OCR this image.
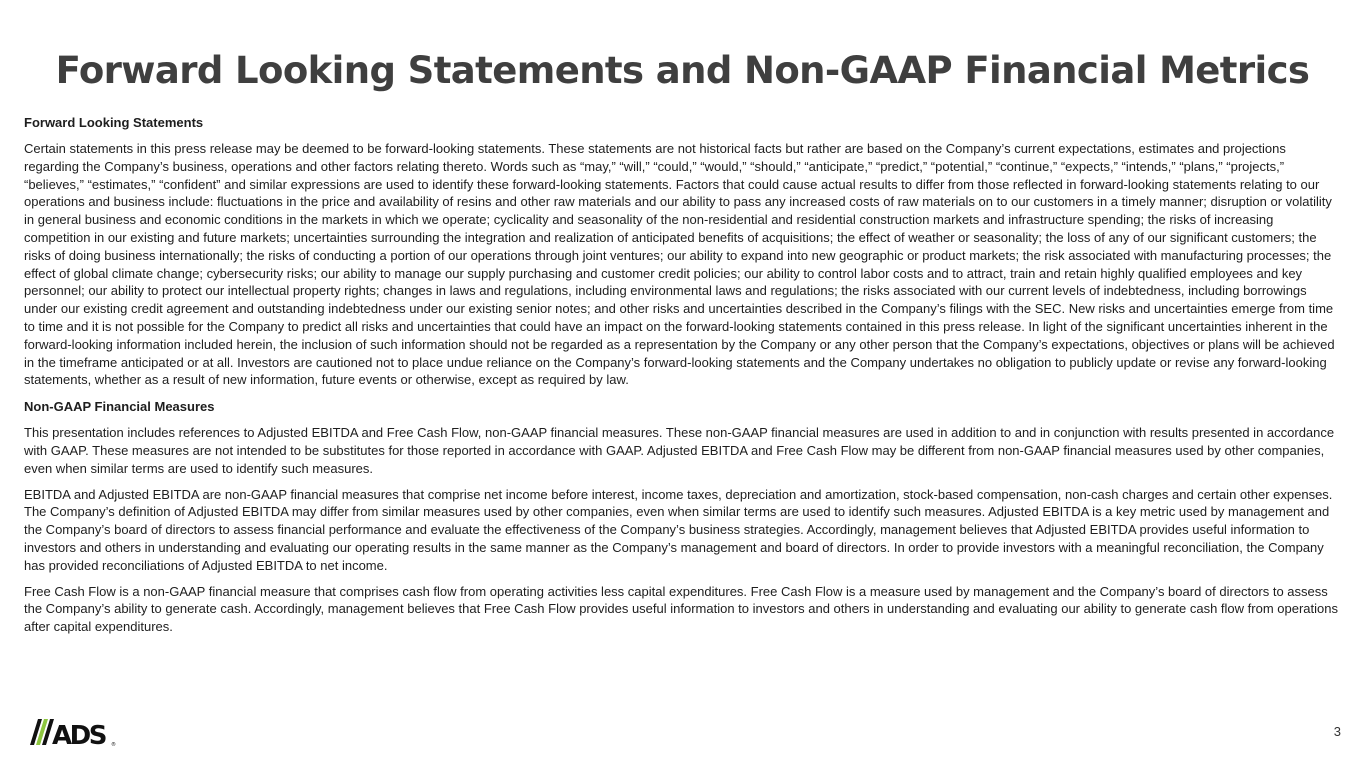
Forward Looking Statements and Non-GAAP Financial Metrics
Forward Looking Statements

Certain statements in this press release may be deemed to be forward-looking statements. These statements are not historical facts but rather are based on the Company’s current expectations, estimates and projections regarding the Company’s business, operations and other factors relating thereto. Words such as “may,” “will,” “could,” “would,” “should,” “anticipate,” “predict,” “potential,” “continue,” “expects,” “intends,” “plans,” “projects,” “believes,” “estimates,” “confident” and similar expressions are used to identify these forward-looking statements. Factors that could cause actual results to differ from those reflected in forward-looking statements relating to our operations and business include: fluctuations in the price and availability of resins and other raw materials and our ability to pass any increased costs of raw materials on to our customers in a timely manner; disruption or volatility in general business and economic conditions in the markets in which we operate; cyclicality and seasonality of the non-residential and residential construction markets and infrastructure spending; the risks of increasing competition in our existing and future markets; uncertainties surrounding the integration and realization of anticipated benefits of acquisitions; the effect of weather or seasonality; the loss of any of our significant customers; the risks of doing business internationally; the risks of conducting a portion of our operations through joint ventures; our ability to expand into new geographic or product markets; the risk associated with manufacturing processes; the effect of global climate change; cybersecurity risks; our ability to manage our supply purchasing and customer credit policies; our ability to control labor costs and to attract, train and retain highly qualified employees and key personnel; our ability to protect our intellectual property rights; changes in laws and regulations, including environmental laws and regulations; the risks associated with our current levels of indebtedness, including borrowings under our existing credit agreement and outstanding indebtedness under our existing senior notes; and other risks and uncertainties described in the Company’s filings with the SEC. New risks and uncertainties emerge from time to time and it is not possible for the Company to predict all risks and uncertainties that could have an impact on the forward-looking statements contained in this press release. In light of the significant uncertainties inherent in the forward-looking information included herein, the inclusion of such information should not be regarded as a representation by the Company or any other person that the Company’s expectations, objectives or plans will be achieved in the timeframe anticipated or at all. Investors are cautioned not to place undue reliance on the Company’s forward-looking statements and the Company undertakes no obligation to publicly update or revise any forward-looking statements, whether as a result of new information, future events or otherwise, except as required by law.

Non-GAAP Financial Measures

This presentation includes references to Adjusted EBITDA and Free Cash Flow, non-GAAP financial measures. These non-GAAP financial measures are used in addition to and in conjunction with results presented in accordance with GAAP. These measures are not intended to be substitutes for those reported in accordance with GAAP. Adjusted EBITDA and Free Cash Flow may be different from non-GAAP financial measures used by other companies, even when similar terms are used to identify such measures.

EBITDA and Adjusted EBITDA are non-GAAP financial measures that comprise net income before interest, income taxes, depreciation and amortization, stock-based compensation, non-cash charges and certain other expenses. The Company’s definition of Adjusted EBITDA may differ from similar measures used by other companies, even when similar terms are used to identify such measures. Adjusted EBITDA is a key metric used by management and the Company’s board of directors to assess financial performance and evaluate the effectiveness of the Company’s business strategies. Accordingly, management believes that Adjusted EBITDA provides useful information to investors and others in understanding and evaluating our operating results in the same manner as the Company’s management and board of directors. In order to provide investors with a meaningful reconciliation, the Company has provided reconciliations of Adjusted EBITDA to net income.

Free Cash Flow is a non-GAAP financial measure that comprises cash flow from operating activities less capital expenditures. Free Cash Flow is a measure used by management and the Company’s board of directors to assess the Company’s ability to generate cash. Accordingly, management believes that Free Cash Flow provides useful information to investors and others in understanding and evaluating our ability to generate cash flow from operations after capital expenditures.

ADS ®
3
